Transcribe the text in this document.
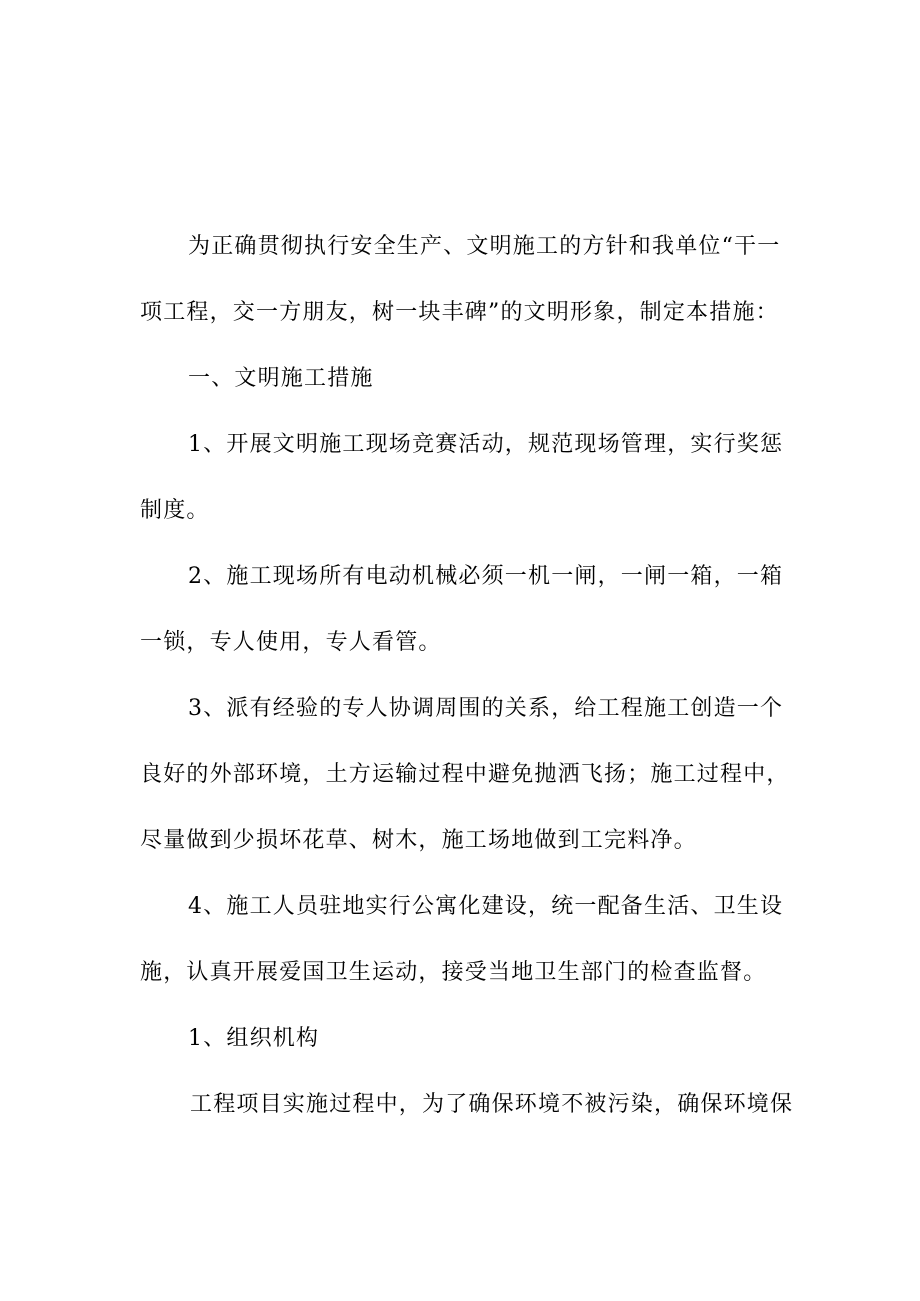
为正确贯彻执行安全生产、文明施工的方针和我单位“干一
项工程，交一方朋友，树一块丰碑”的文明形象，制定本措施：
一、文明施工措施
1、开展文明施工现场竞赛活动，规范现场管理，实行奖惩
制度。
2、施工现场所有电动机械必须一机一闸，一闸一箱，一箱
一锁，专人使用，专人看管。
3、派有经验的专人协调周围的关系，给工程施工创造一个
良好的外部环境，土方运输过程中避免抛洒飞扬；施工过程中，
尽量做到少损坏花草、树木，施工场地做到工完料净。
4、施工人员驻地实行公寓化建设，统一配备生活、卫生设
施，认真开展爱国卫生运动，接受当地卫生部门的检查监督。
1、组织机构
工程项目实施过程中，为了确保环境不被污染，确保环境保
